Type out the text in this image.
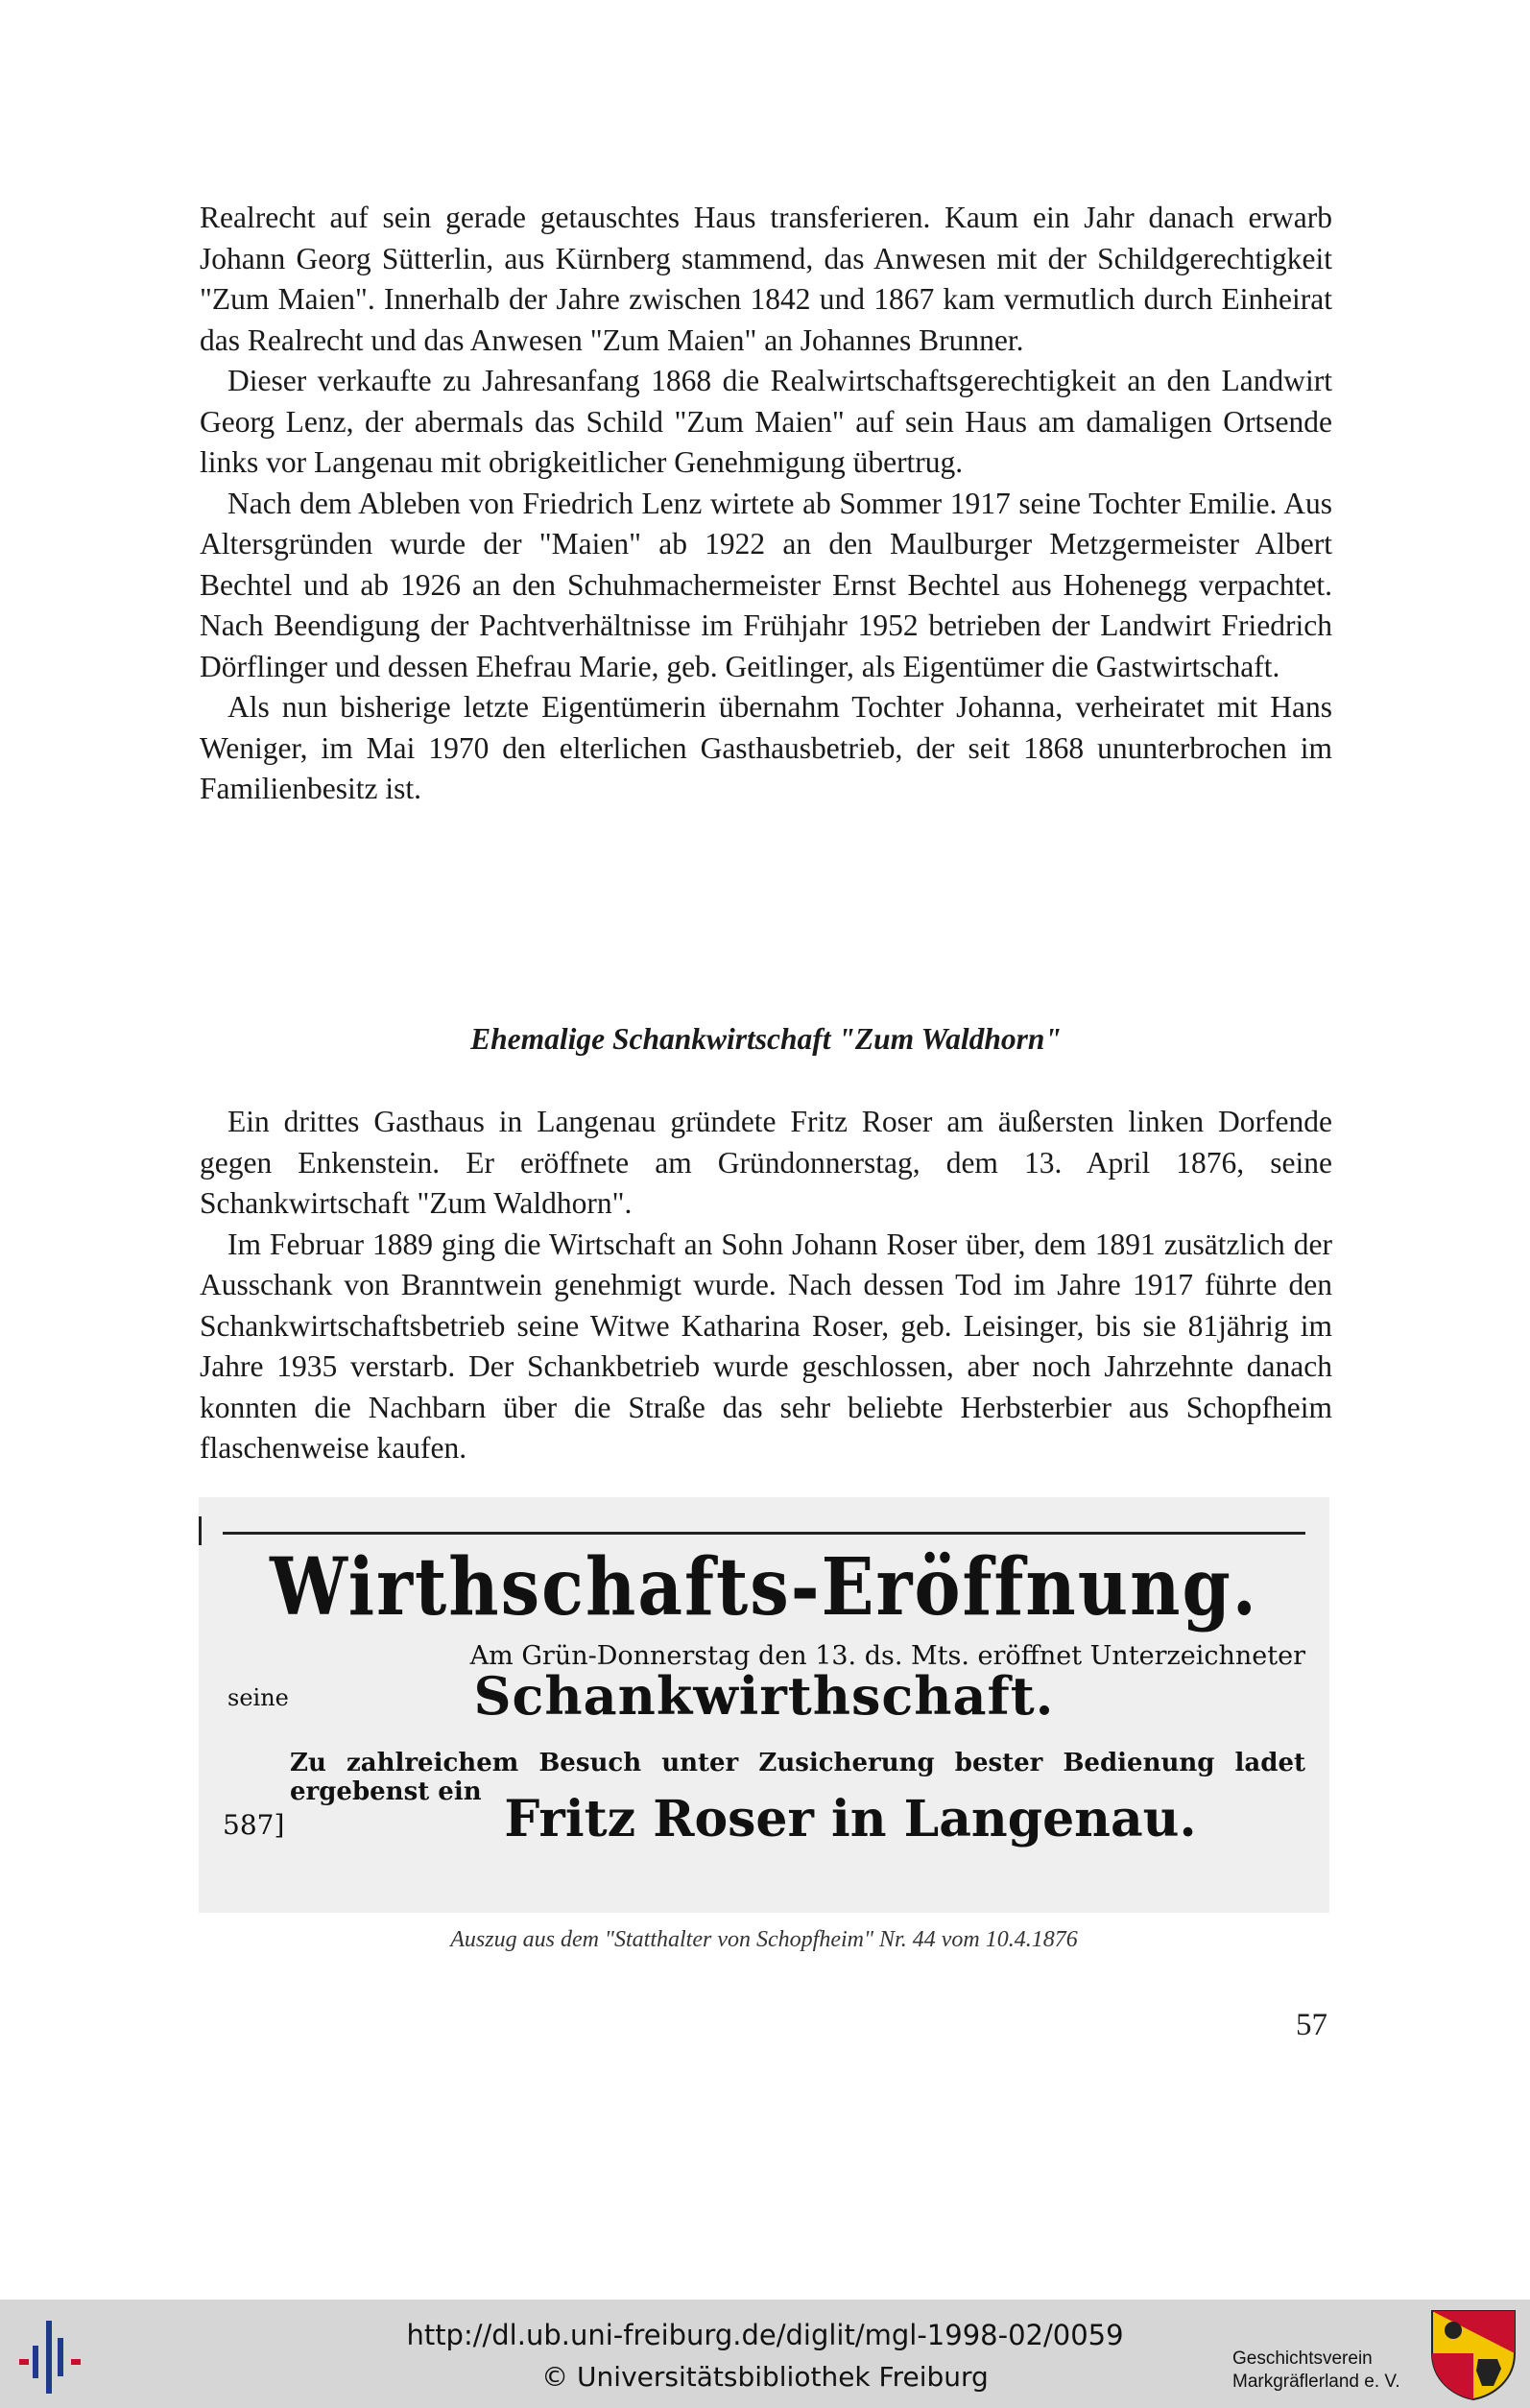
Realrecht auf sein gerade getauschtes Haus transferieren. Kaum ein Jahr danach erwarb Johann Georg Sütterlin, aus Kürnberg stammend, das Anwesen mit der Schildgerechtigkeit "Zum Maien". Innerhalb der Jahre zwischen 1842 und 1867 kam vermutlich durch Einheirat das Realrecht und das Anwesen "Zum Maien" an Johannes Brunner.

Dieser verkaufte zu Jahresanfang 1868 die Realwirtschaftsgerechtigkeit an den Landwirt Georg Lenz, der abermals das Schild "Zum Maien" auf sein Haus am damaligen Ortsende links vor Langenau mit obrigkeitlicher Genehmigung übertrug.

Nach dem Ableben von Friedrich Lenz wirtete ab Sommer 1917 seine Tochter Emilie. Aus Altersgründen wurde der "Maien" ab 1922 an den Maulburger Metzgermeister Albert Bechtel und ab 1926 an den Schuhmachermeister Ernst Bechtel aus Hohenegg verpachtet. Nach Beendigung der Pachtverhältnisse im Frühjahr 1952 betrieben der Landwirt Friedrich Dörflinger und dessen Ehefrau Marie, geb. Geitlinger, als Eigentümer die Gastwirtschaft.

Als nun bisherige letzte Eigentümerin übernahm Tochter Johanna, verheiratet mit Hans Weniger, im Mai 1970 den elterlichen Gasthausbetrieb, der seit 1868 ununterbrochen im Familienbesitz ist.

Ehemalige Schankwirtschaft "Zum Waldhorn"

Ein drittes Gasthaus in Langenau gründete Fritz Roser am äußersten linken Dorfende gegen Enkenstein. Er eröffnete am Gründonnerstag, dem 13. April 1876, seine Schankwirtschaft "Zum Waldhorn".

Im Februar 1889 ging die Wirtschaft an Sohn Johann Roser über, dem 1891 zusätzlich der Ausschank von Branntwein genehmigt wurde. Nach dessen Tod im Jahre 1917 führte den Schankwirtschaftsbetrieb seine Witwe Katharina Roser, geb. Leisinger, bis sie 81jährig im Jahre 1935 verstarb. Der Schankbetrieb wurde geschlossen, aber noch Jahrzehnte danach konnten die Nachbarn über die Straße das sehr beliebte Herbsterbier aus Schopfheim flaschenweise kaufen.

Wirthschafts-Eröffnung.
Am Grün-Donnerstag den 13. ds. Mts. eröffnet Unterzeichneter
seine	Schankwirthschaft.
Zu zahlreichem Besuch unter Zusicherung bester Bedienung ladet ergebenst ein
587]	Fritz Roser in Langenau.
Auszug aus dem "Statthalter von Schopfheim" Nr. 44 vom 10.4.1876
57
http://dl.ub.uni-freiburg.de/diglit/mgl-1998-02/0059
© Universitätsbibliothek Freiburg
Geschichtsverein
Markgräflerland e. V.
